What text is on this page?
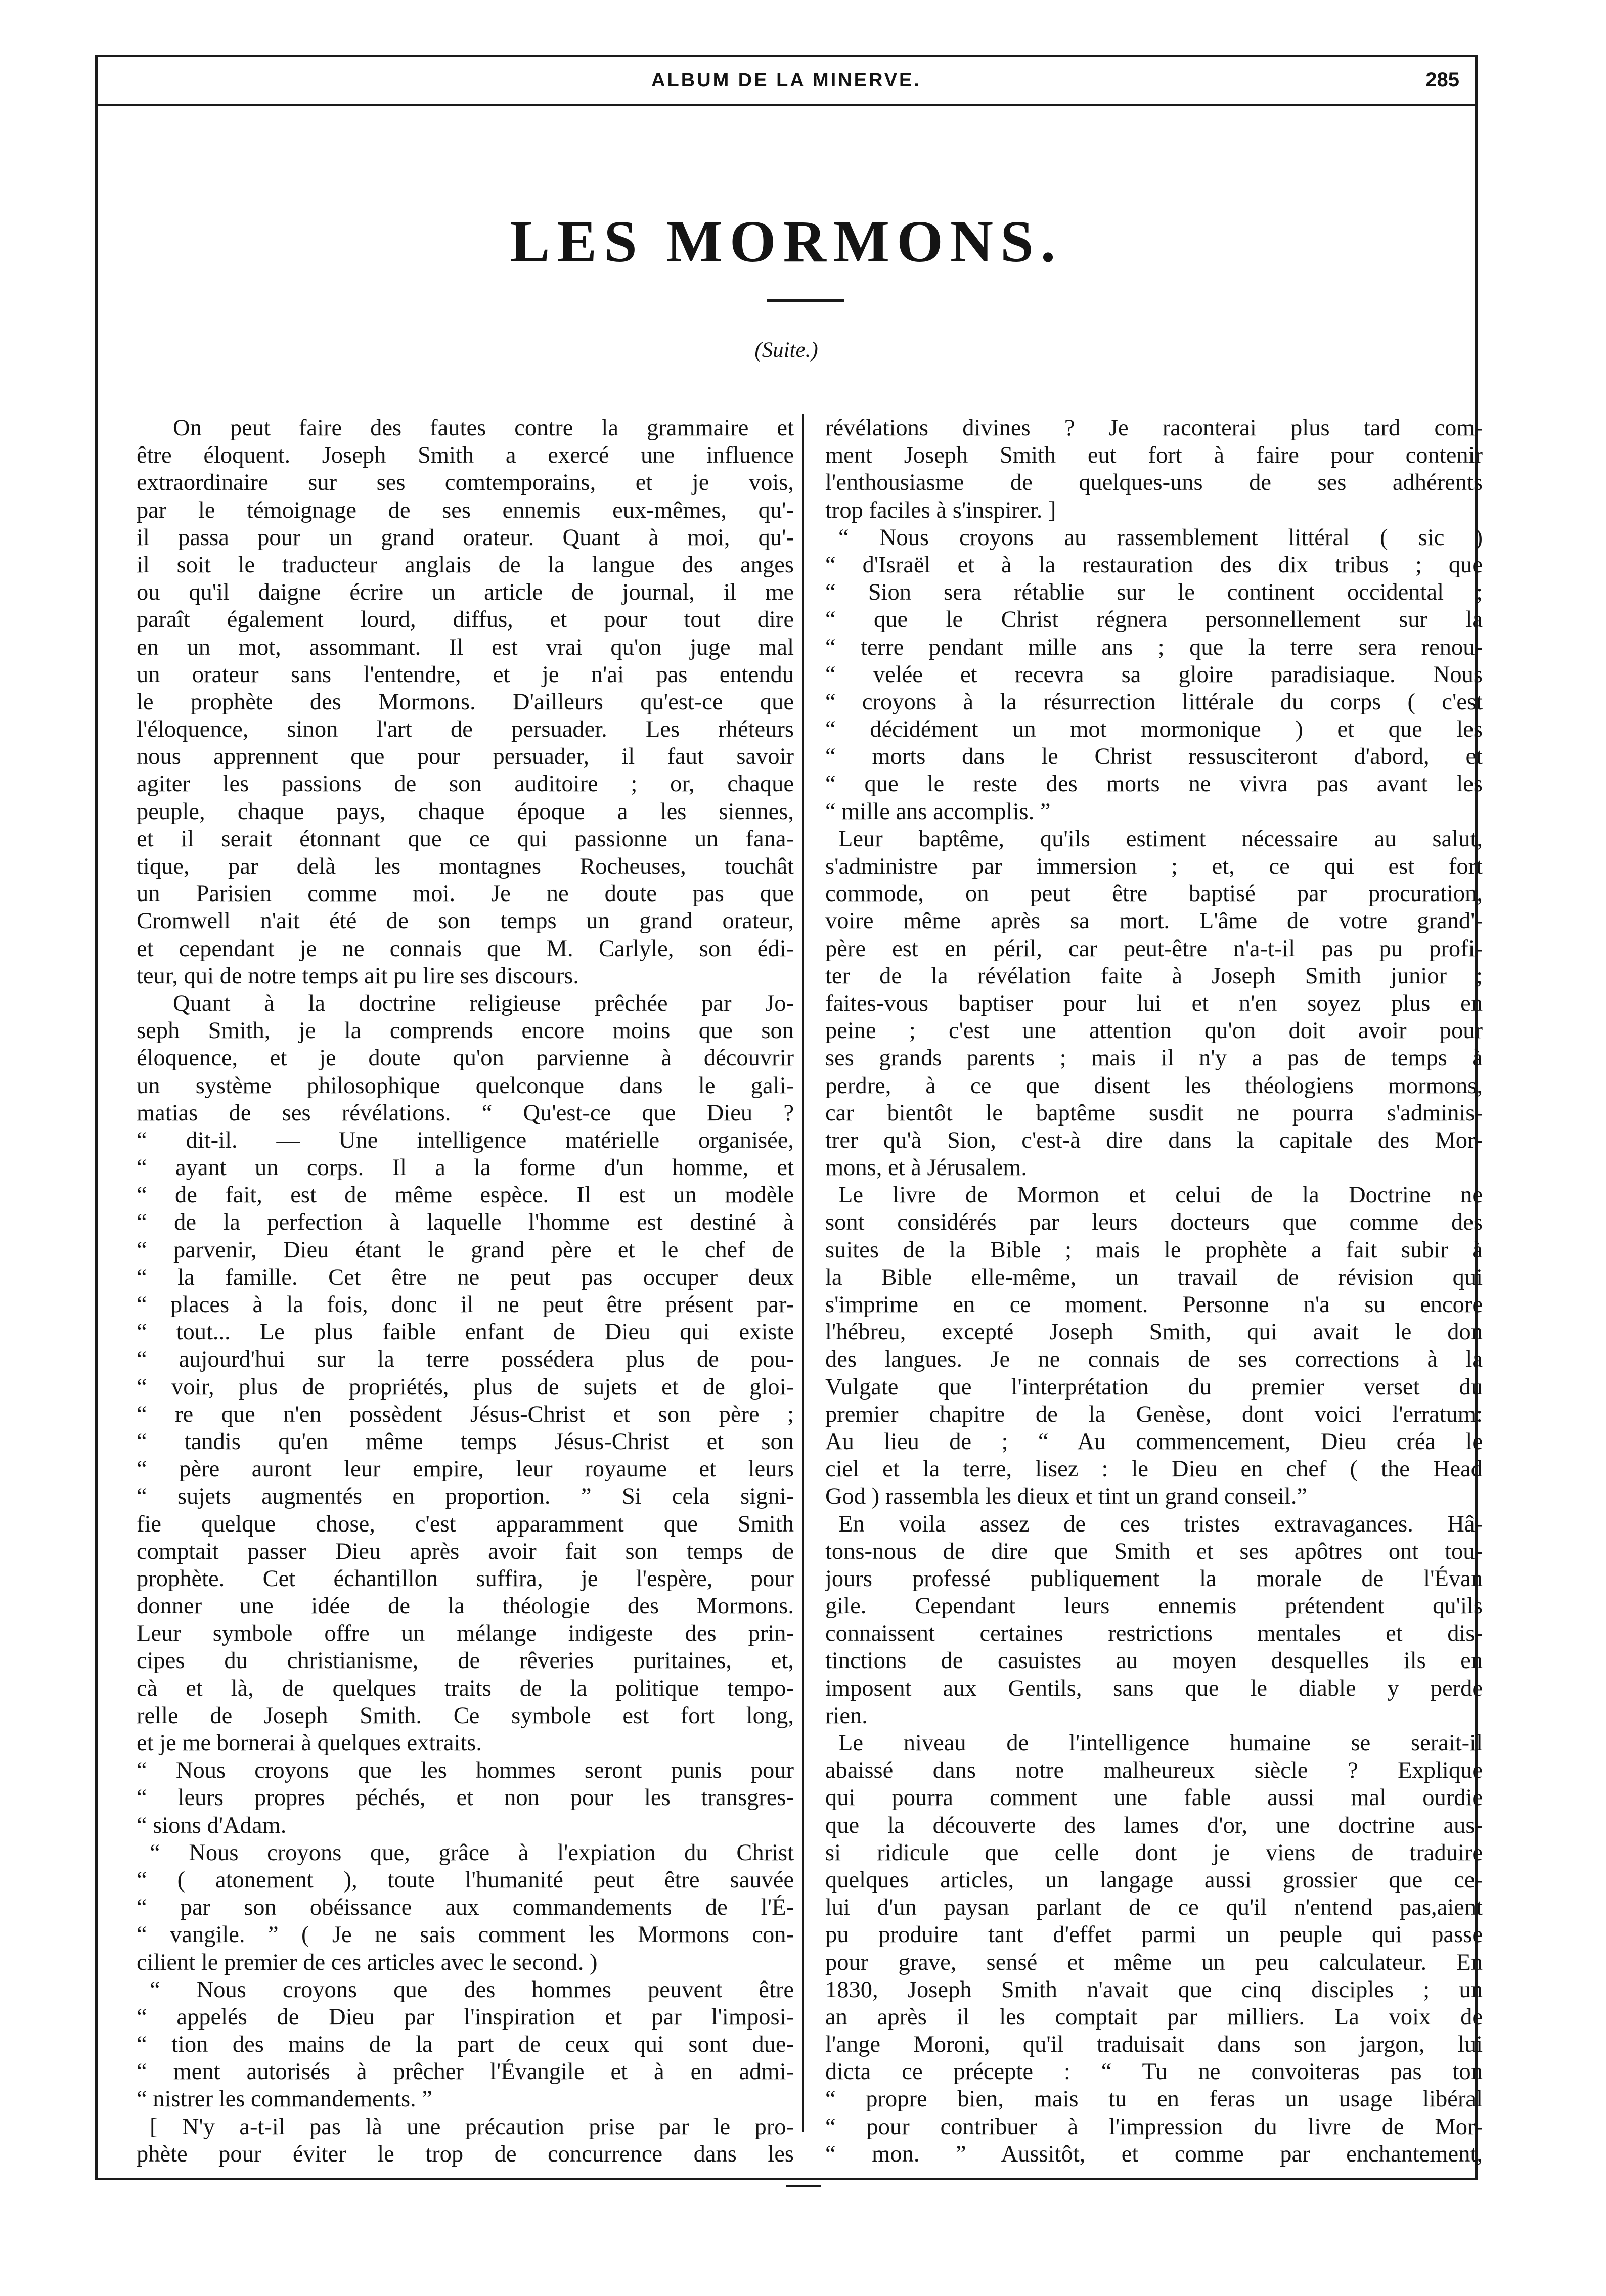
ALBUM DE LA MINERVE.	285
LES MORMONS.
(Suite.)
On peut faire des fautes contre la grammaire et
être éloquent. Joseph Smith a exercé une influence
extraordinaire sur ses comtemporains, et je vois,
par le témoignage de ses ennemis eux-mêmes, qu'-
il passa pour un grand orateur. Quant à moi, qu'-
il soit le traducteur anglais de la langue des anges
ou qu'il daigne écrire un article de journal, il me
paraît également lourd, diffus, et pour tout dire
en un mot, assommant. Il est vrai qu'on juge mal
un orateur sans l'entendre, et je n'ai pas entendu
le prophète des Mormons. D'ailleurs qu'est-ce que
l'éloquence, sinon l'art de persuader. Les rhéteurs
nous apprennent que pour persuader, il faut savoir
agiter les passions de son auditoire ; or, chaque
peuple, chaque pays, chaque époque a les siennes,
et il serait étonnant que ce qui passionne un fana-
tique, par delà les montagnes Rocheuses, touchât
un Parisien comme moi. Je ne doute pas que
Cromwell n'ait été de son temps un grand orateur,
et cependant je ne connais que M. Carlyle, son édi-
teur, qui de notre temps ait pu lire ses discours.
Quant à la doctrine religieuse prêchée par Jo-
seph Smith, je la comprends encore moins que son
éloquence, et je doute qu'on parvienne à découvrir
un système philosophique quelconque dans le gali-
matias de ses révélations. “ Qu'est-ce que Dieu ?
“ dit-il. — Une intelligence matérielle organisée,
“ ayant un corps. Il a la forme d'un homme, et
“ de fait, est de même espèce. Il est un modèle
“ de la perfection à laquelle l'homme est destiné à
“ parvenir, Dieu étant le grand père et le chef de
“ la famille. Cet être ne peut pas occuper deux
“ places à la fois, donc il ne peut être présent par-
“ tout... Le plus faible enfant de Dieu qui existe
“ aujourd'hui sur la terre possédera plus de pou-
“ voir, plus de propriétés, plus de sujets et de gloi-
“ re que n'en possèdent Jésus-Christ et son père ;
“ tandis qu'en même temps Jésus-Christ et son
“ père auront leur empire, leur royaume et leurs
“ sujets augmentés en proportion. ” Si cela signi-
fie quelque chose, c'est apparamment que Smith
comptait passer Dieu après avoir fait son temps de
prophète. Cet échantillon suffira, je l'espère, pour
donner une idée de la théologie des Mormons.
Leur symbole offre un mélange indigeste des prin-
cipes du christianisme, de rêveries puritaines, et,
cà et là, de quelques traits de la politique tempo-
relle de Joseph Smith. Ce symbole est fort long,
et je me bornerai à quelques extraits.
“ Nous croyons que les hommes seront punis pour
“ leurs propres péchés, et non pour les transgres-
“ sions d'Adam.
“ Nous croyons que, grâce à l'expiation du Christ
“ ( atonement ), toute l'humanité peut être sauvée
“ par son obéissance aux commandements de l'É-
“ vangile. ” ( Je ne sais comment les Mormons con-
cilient le premier de ces articles avec le second. )
“ Nous croyons que des hommes peuvent être
“ appelés de Dieu par l'inspiration et par l'imposi-
“ tion des mains de la part de ceux qui sont due-
“ ment autorisés à prêcher l'Évangile et à en admi-
“ nistrer les commandements. ”
[ N'y a-t-il pas là une précaution prise par le pro-
phète pour éviter le trop de concurrence dans les
révélations divines ? Je raconterai plus tard com-
ment Joseph Smith eut fort à faire pour contenir
l'enthousiasme de quelques-uns de ses adhérents
trop faciles à s'inspirer. ]
“ Nous croyons au rassemblement littéral ( sic )
“ d'Israël et à la restauration des dix tribus ; que
“ Sion sera rétablie sur le continent occidental ;
“ que le Christ régnera personnellement sur la
“ terre pendant mille ans ; que la terre sera renou-
“ velée et recevra sa gloire paradisiaque. Nous
“ croyons à la résurrection littérale du corps ( c'est
“ décidément un mot mormonique ) et que les
“ morts dans le Christ ressusciteront d'abord, et
“ que le reste des morts ne vivra pas avant les
“ mille ans accomplis. ”
Leur baptême, qu'ils estiment nécessaire au salut,
s'administre par immersion ; et, ce qui est fort
commode, on peut être baptisé par procuration,
voire même après sa mort. L'âme de votre grand'-
père est en péril, car peut-être n'a-t-il pas pu profi-
ter de la révélation faite à Joseph Smith junior ;
faites-vous baptiser pour lui et n'en soyez plus en
peine ; c'est une attention qu'on doit avoir pour
ses grands parents ; mais il n'y a pas de temps à
perdre, à ce que disent les théologiens mormons,
car bientôt le baptême susdit ne pourra s'adminis-
trer qu'à Sion, c'est-à dire dans la capitale des Mor-
mons, et à Jérusalem.
Le livre de Mormon et celui de la Doctrine ne
sont considérés par leurs docteurs que comme des
suites de la Bible ; mais le prophète a fait subir à
la Bible elle-même, un travail de révision qui
s'imprime en ce moment. Personne n'a su encore
l'hébreu, excepté Joseph Smith, qui avait le don
des langues. Je ne connais de ses corrections à la
Vulgate que l'interprétation du premier verset du
premier chapitre de la Genèse, dont voici l'erratum:
Au lieu de ; “ Au commencement, Dieu créa le
ciel et la terre, lisez : le Dieu en chef ( the Head
God ) rassembla les dieux et tint un grand conseil.”
En voila assez de ces tristes extravagances. Hâ-
tons-nous de dire que Smith et ses apôtres ont tou-
jours professé publiquement la morale de l'Évan
gile. Cependant leurs ennemis prétendent qu'ils
connaissent certaines restrictions mentales et dis-
tinctions de casuistes au moyen desquelles ils en
imposent aux Gentils, sans que le diable y perde
rien.
Le niveau de l'intelligence humaine se serait-il
abaissé dans notre malheureux siècle ? Explique
qui pourra comment une fable aussi mal ourdie
que la découverte des lames d'or, une doctrine aus-
si ridicule que celle dont je viens de traduire
quelques articles, un langage aussi grossier que ce-
lui d'un paysan parlant de ce qu'il n'entend pas,aient
pu produire tant d'effet parmi un peuple qui passe
pour grave, sensé et même un peu calculateur. En
1830, Joseph Smith n'avait que cinq disciples ; un
an après il les comptait par milliers. La voix de
l'ange Moroni, qu'il traduisait dans son jargon, lui
dicta ce précepte : “ Tu ne convoiteras pas ton
“ propre bien, mais tu en feras un usage libéral
“ pour contribuer à l'impression du livre de Mor-
“ mon. ” Aussitôt, et comme par enchantement,
